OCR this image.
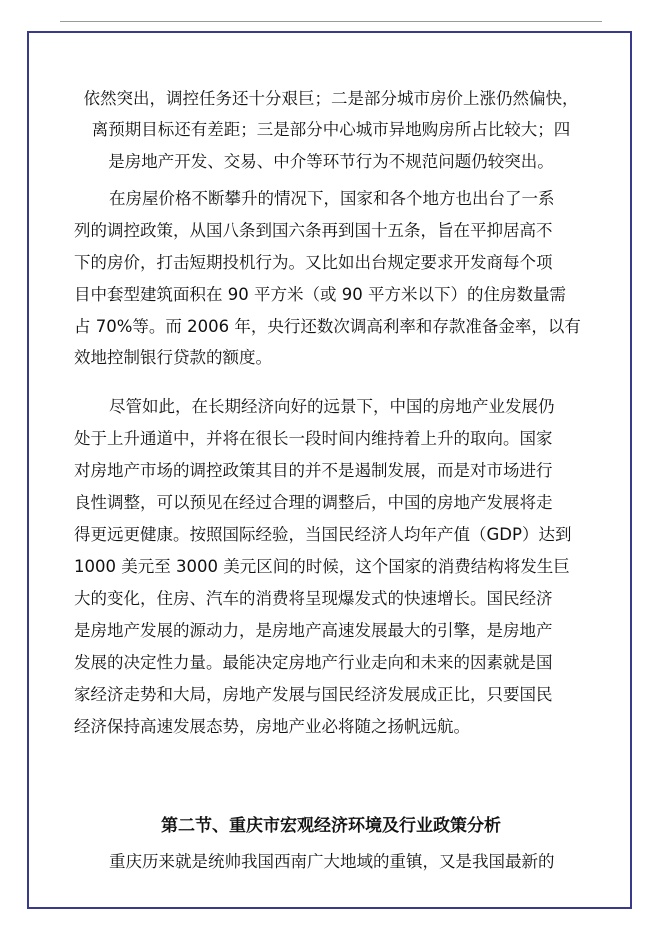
依然突出，调控任务还十分艰巨；二是部分城市房价上涨仍然偏快，
离预期目标还有差距；三是部分中心城市异地购房所占比较大；四
是房地产开发、交易、中介等环节行为不规范问题仍较突出。
在房屋价格不断攀升的情况下，国家和各个地方也出台了一系
列的调控政策，从国八条到国六条再到国十五条，旨在平抑居高不
下的房价，打击短期投机行为。又比如出台规定要求开发商每个项
目中套型建筑面积在 90 平方米（或 90 平方米以下）的住房数量需
占 70%等。而 2006 年，央行还数次调高利率和存款准备金率，以有
效地控制银行贷款的额度。
尽管如此，在长期经济向好的远景下，中国的房地产业发展仍
处于上升通道中，并将在很长一段时间内维持着上升的取向。国家
对房地产市场的调控政策其目的并不是遏制发展，而是对市场进行
良性调整，可以预见在经过合理的调整后，中国的房地产发展将走
得更远更健康。按照国际经验，当国民经济人均年产值（GDP）达到
1000 美元至 3000 美元区间的时候，这个国家的消费结构将发生巨
大的变化，住房、汽车的消费将呈现爆发式的快速增长。国民经济
是房地产发展的源动力，是房地产高速发展最大的引擎，是房地产
发展的决定性力量。最能决定房地产行业走向和未来的因素就是国
家经济走势和大局，房地产发展与国民经济发展成正比，只要国民
经济保持高速发展态势，房地产业必将随之扬帆远航。
第二节、重庆市宏观经济环境及行业政策分析
重庆历来就是统帅我国西南广大地域的重镇，又是我国最新的
